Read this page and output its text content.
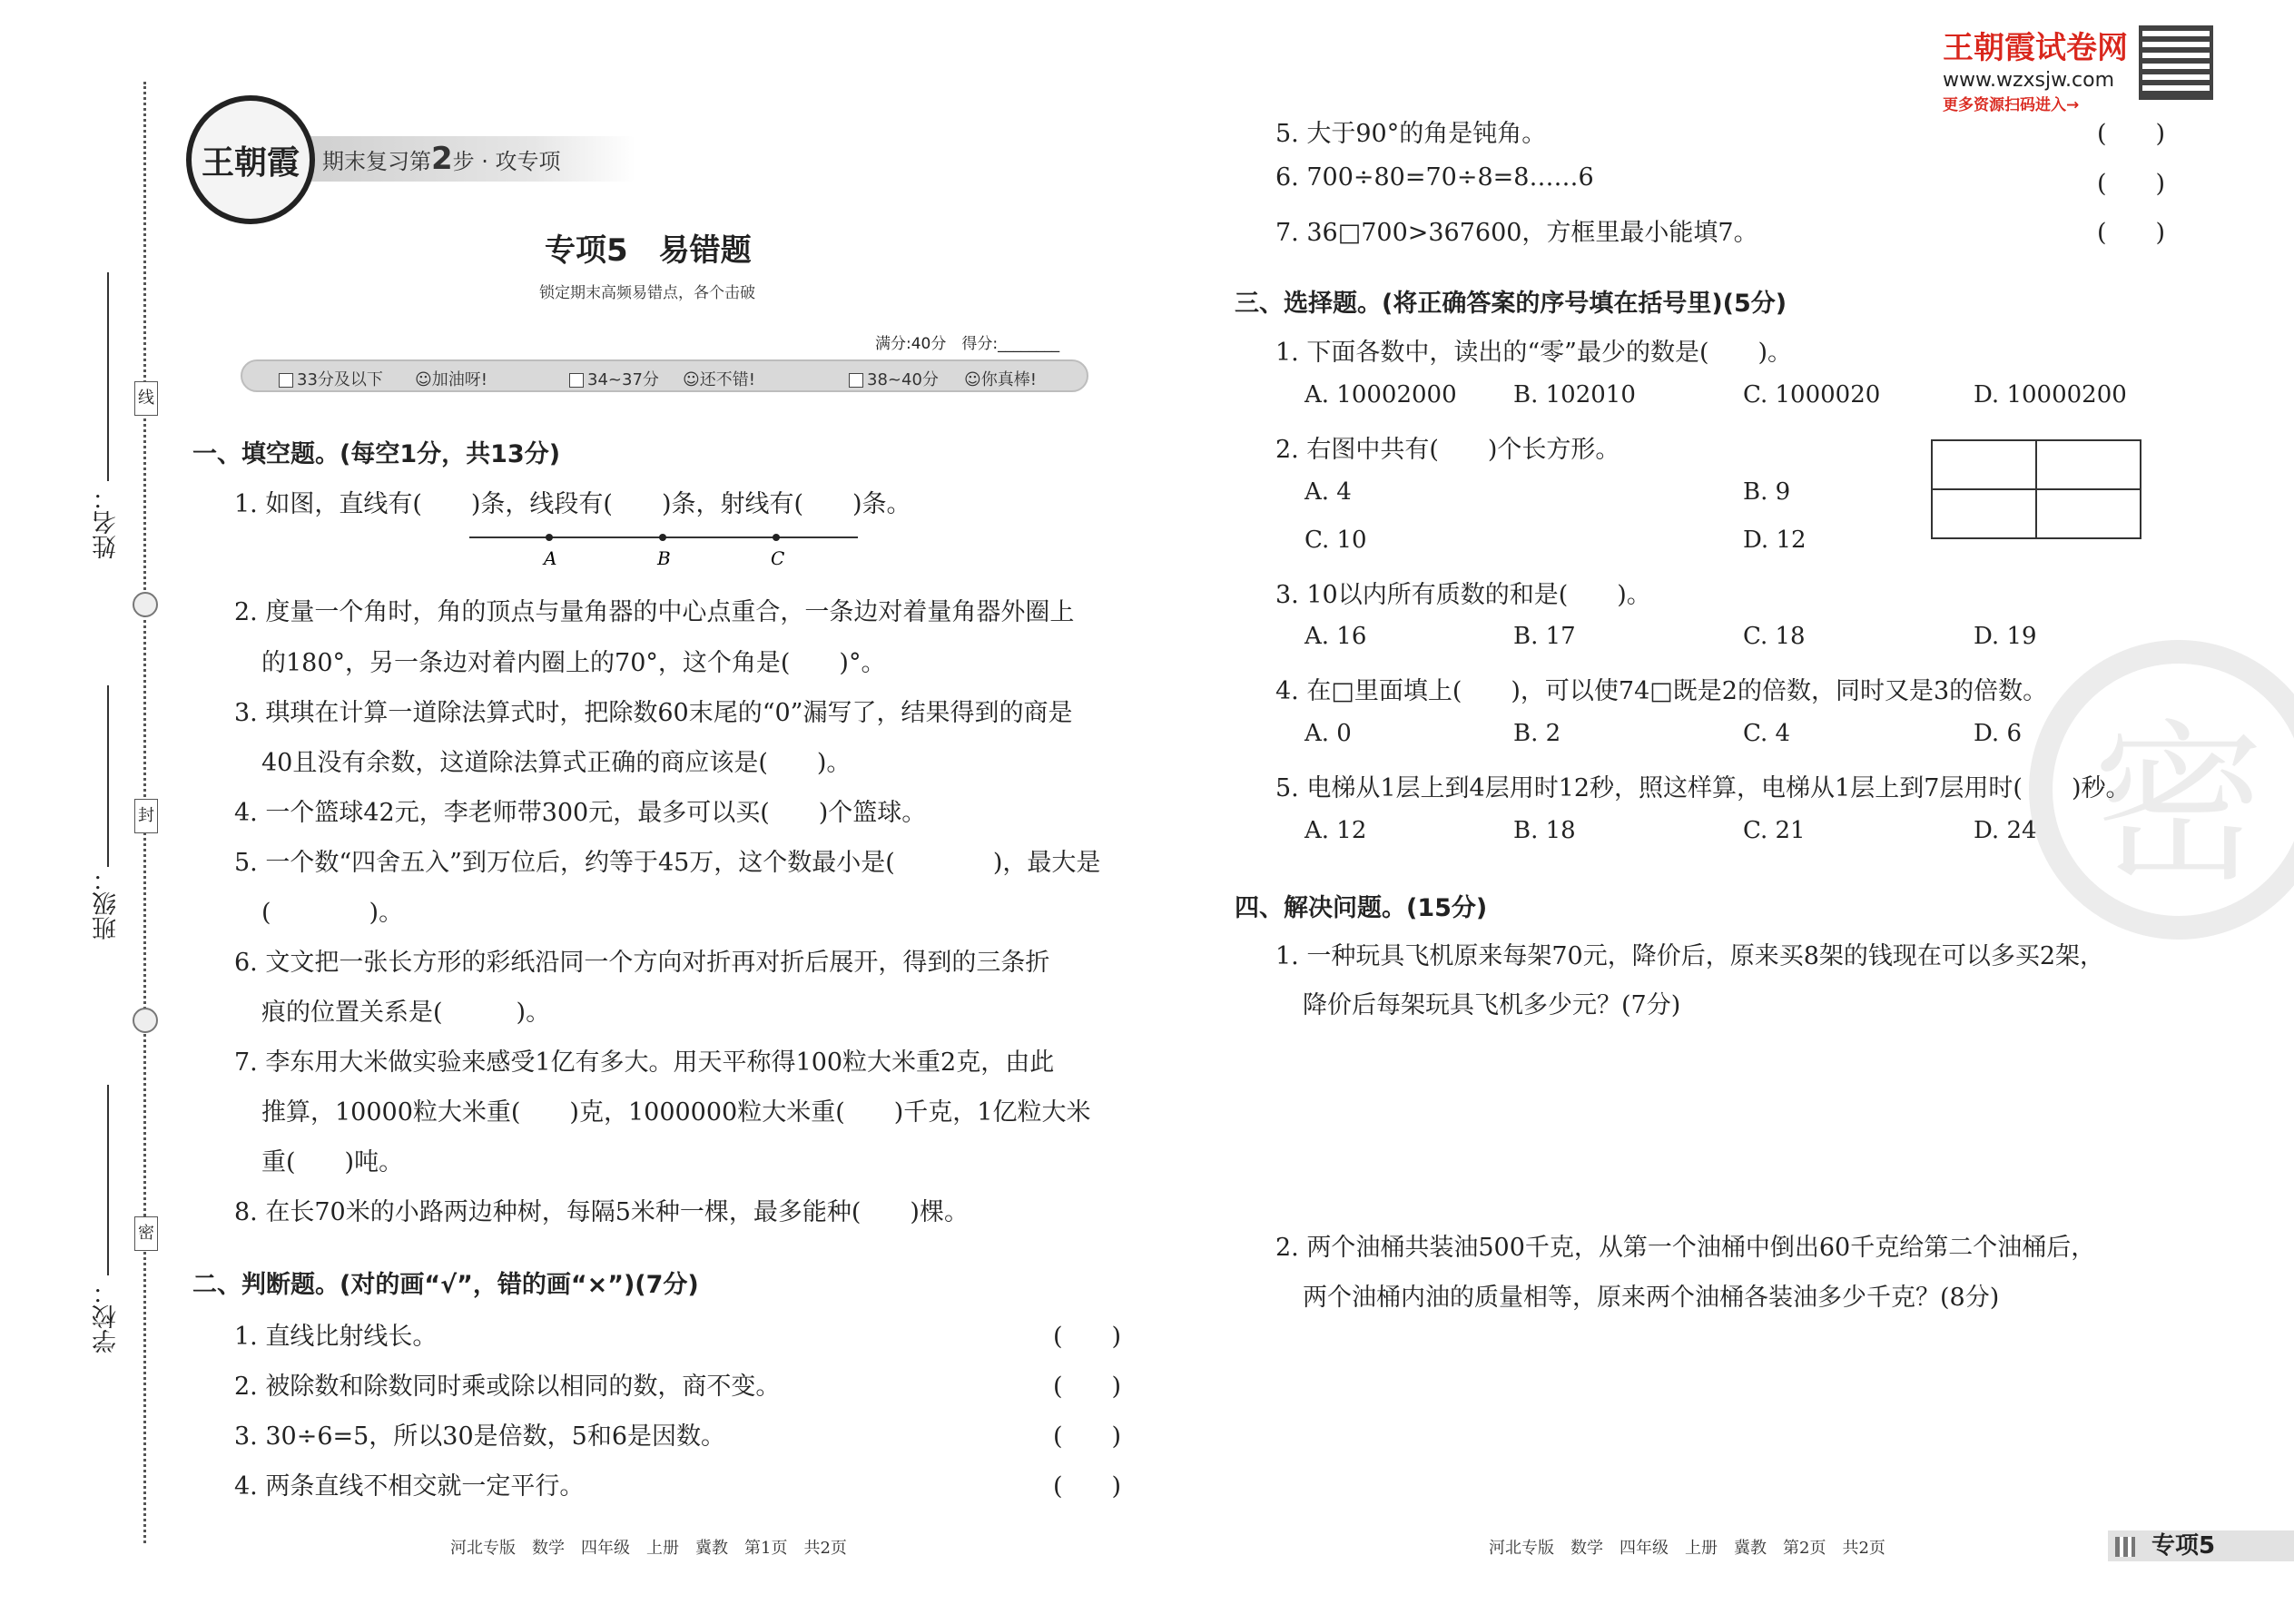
姓名：
班级：
学校：
线
封
密
期末复习第2步 · 攻专项
王朝霞
专项5　易错题
锁定期末高频易错点，各个击破
满分:40分　得分:________
33分及以下 ☺加油呀!	34~37分 ☺还不错!	38~40分 ☺你真棒!
一、填空题。(每空1分，共13分)
1. 如图，直线有(　　)条，线段有(　　)条，射线有(　　)条。
A	B	C
2. 度量一个角时，角的顶点与量角器的中心点重合，一条边对着量角器外圈上
的180°，另一条边对着内圈上的70°，这个角是(　　)°。
3. 琪琪在计算一道除法算式时，把除数60末尾的“0”漏写了，结果得到的商是
40且没有余数，这道除法算式正确的商应该是(　　)。
4. 一个篮球42元，李老师带300元，最多可以买(　　)个篮球。
5. 一个数“四舍五入”到万位后，约等于45万，这个数最小是(　　　　)，最大是
(　　　　)。
6. 文文把一张长方形的彩纸沿同一个方向对折再对折后展开，得到的三条折
痕的位置关系是(　　　)。
7. 李东用大米做实验来感受1亿有多大。用天平称得100粒大米重2克，由此
推算，10000粒大米重(　　)克，1000000粒大米重(　　)千克，1亿粒大米
重(　　)吨。
8. 在长70米的小路两边种树，每隔5米种一棵，最多能种(　　)棵。
二、判断题。(对的画“√”，错的画“×”)(7分)
1. 直线比射线长。	(　　)
2. 被除数和除数同时乘或除以相同的数，商不变。	(　　)
3. 30÷6=5，所以30是倍数，5和6是因数。	(　　)
4. 两条直线不相交就一定平行。	(　　)
河北专版　数学　四年级　上册　冀教　第1页　共2页
王朝霞试卷网
www.wzxsjw.com
更多资源扫码进入→
密
5. 大于90°的角是钝角。	(　　)
6. 700÷80=70÷8=8……6	(　　)
7. 36□700>367600，方框里最小能填7。	(　　)
三、选择题。(将正确答案的序号填在括号里)(5分)
1. 下面各数中，读出的“零”最少的数是(　　)。
A. 10002000 B. 102010	C. 1000020	D. 10000200
2. 右图中共有(　　)个长方形。
A. 4	B. 9
C. 10	D. 12
3. 10以内所有质数的和是(　　)。
A. 16	B. 17	C. 18	D. 19
4. 在□里面填上(　　)，可以使74□既是2的倍数，同时又是3的倍数。
A. 0	B. 2	C. 4	D. 6
5. 电梯从1层上到4层用时12秒，照这样算，电梯从1层上到7层用时(　　)秒。
A. 12	B. 18	C. 21	D. 24
四、解决问题。(15分)
1. 一种玩具飞机原来每架70元，降价后，原来买8架的钱现在可以多买2架，
降价后每架玩具飞机多少元？(7分)
2. 两个油桶共装油500千克，从第一个油桶中倒出60千克给第二个油桶后，
两个油桶内油的质量相等，原来两个油桶各装油多少千克？(8分)
河北专版　数学　四年级　上册　冀教　第2页　共2页	专项5
